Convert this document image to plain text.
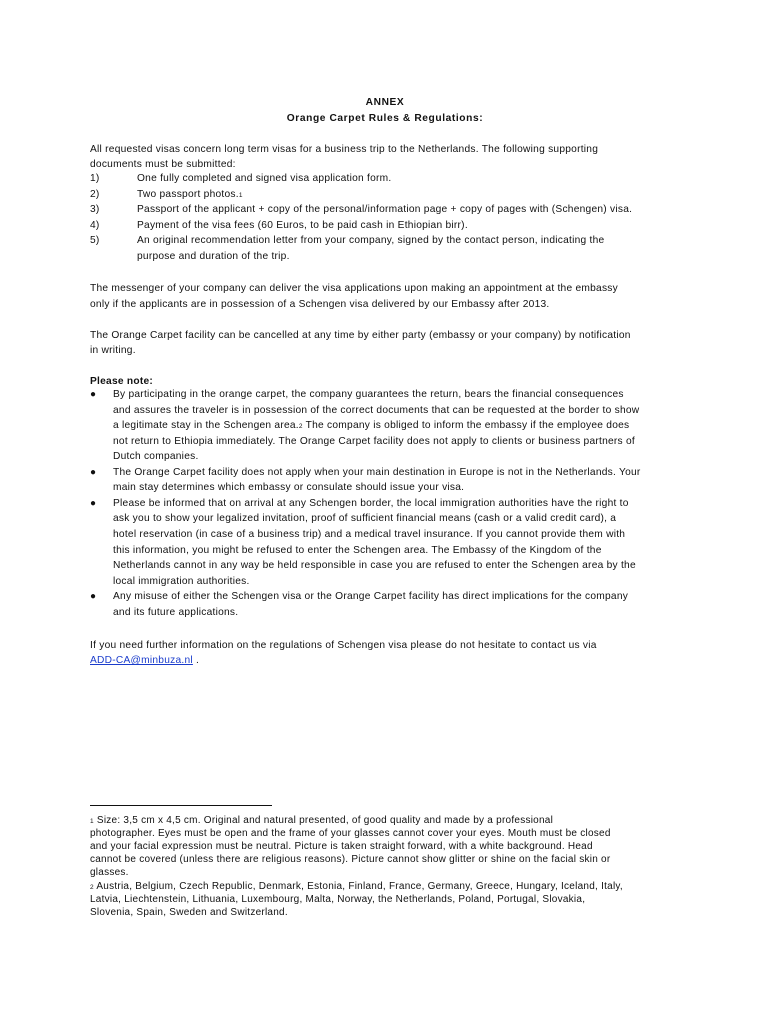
ANNEX
Orange Carpet Rules & Regulations:
All requested visas concern long term visas for a business trip to the Netherlands. The following supporting
documents must be submitted:
1)	One fully completed and signed visa application form.
2)	Two passport photos.1
3)	Passport of the applicant + copy of the personal/information page + copy of pages with (Schengen) visa.
4)	Payment of the visa fees (60 Euros, to be paid cash in Ethiopian birr).
5)	An original recommendation letter from your company, signed by the contact person, indicating the
purpose and duration of the trip.
The messenger of your company can deliver the visa applications upon making an appointment at the embassy
only if the applicants are in possession of a Schengen visa delivered by our Embassy after 2013.
The Orange Carpet facility can be cancelled at any time by either party (embassy or your company) by notification
in writing.
Please note:
● By participating in the orange carpet, the company guarantees the return, bears the financial consequences
and assures the traveler is in possession of the correct documents that can be requested at the border to show
a legitimate stay in the Schengen area.2 The company is obliged to inform the embassy if the employee does
not return to Ethiopia immediately. The Orange Carpet facility does not apply to clients or business partners of
Dutch companies.
● The Orange Carpet facility does not apply when your main destination in Europe is not in the Netherlands. Your
main stay determines which embassy or consulate should issue your visa.
● Please be informed that on arrival at any Schengen border, the local immigration authorities have the right to
ask you to show your legalized invitation, proof of sufficient financial means (cash or a valid credit card), a
hotel reservation (in case of a business trip) and a medical travel insurance. If you cannot provide them with
this information, you might be refused to enter the Schengen area. The Embassy of the Kingdom of the
Netherlands cannot in any way be held responsible in case you are refused to enter the Schengen area by the
local immigration authorities.
● Any misuse of either the Schengen visa or the Orange Carpet facility has direct implications for the company
and its future applications.
If you need further information on the regulations of Schengen visa please do not hesitate to contact us via
ADD-CA@minbuza.nl .
1 Size: 3,5 cm x 4,5 cm. Original and natural presented, of good quality and made by a professional
photographer. Eyes must be open and the frame of your glasses cannot cover your eyes. Mouth must be closed
and your facial expression must be neutral. Picture is taken straight forward, with a white background. Head
cannot be covered (unless there are religious reasons). Picture cannot show glitter or shine on the facial skin or
glasses.
2 Austria, Belgium, Czech Republic, Denmark, Estonia, Finland, France, Germany, Greece, Hungary, Iceland, Italy,
Latvia, Liechtenstein, Lithuania, Luxembourg, Malta, Norway, the Netherlands, Poland, Portugal, Slovakia,
Slovenia, Spain, Sweden and Switzerland.
